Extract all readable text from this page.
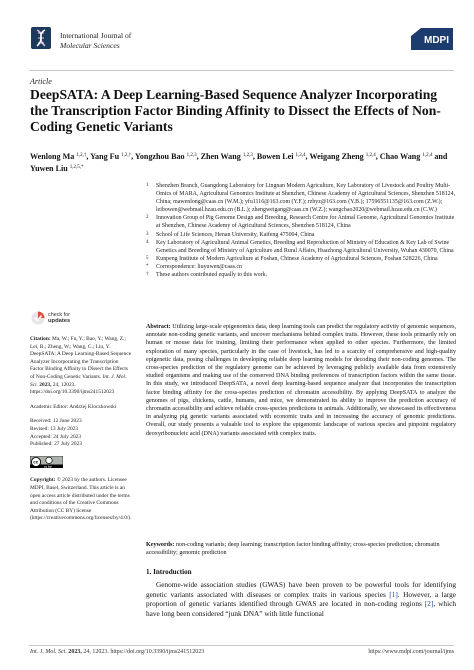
International Journal of
Molecular Sciences	MDPI
Article
DeepSATA: A Deep Learning-Based Sequence Analyzer Incorporating the Transcription Factor Binding Affinity to Dissect the Effects of Non-Coding Genetic Variants
Wenlong Ma $^{1,2,\dagger}$, Yang Fu $^{1,2,\dagger}$, Yongzhou Bao $^{1,2,3}$, Zhen Wang $^{1,2,3}$, Bowen Lei $^{1,2,4}$, Weigang Zheng $^{1,2,4}$, Chao Wang $^{1,2,4}$ and Yuwen Liu $^{1,2,5,*}$
1	Shenzhen Branch, Guangdong Laboratory for Lingnan Modern Agriculture, Key Laboratory of Livestock and Poultry Multi-Omics of MARA, Agricultural Genomics Institute at Shenzhen, Chinese Academy of Agricultural Sciences, Shenzhen 518124, China; mawenlong@caas.cn (W.M.); yfu1116@163.com (Y.F.); rzbyz@163.com (Y.B.); 17596551135@163.com (Z.W.); leibowen@webmail.hzau.edu.cn (B.L.); zhengweigang@caas.cn (W.Z.); wangchao2020@webmail.hzau.edu.cn (C.W.)
2	Innovation Group of Pig Genome Design and Breeding, Research Centre for Animal Genome, Agricultural Genomics Institute at Shenzhen, Chinese Academy of Agricultural Sciences, Shenzhen 518124, China
3	School of Life Sciences, Henan University, Kaifeng 475004, China
4	Key Laboratory of Agricultural Animal Genetics, Breeding and Reproduction of Ministry of Education & Key Lab of Swine Genetics and Breeding of Ministry of Agriculture and Rural Affairs, Huazhong Agricultural University, Wuhan 430070, China
5	Kunpeng Institute of Modern Agriculture at Foshan, Chinese Academy of Agricultural Sciences, Foshan 528226, China
*	Correspondence: liuyuwen@caas.cn
†	These authors contributed equally to this work.
Abstract: Utilizing large-scale epigenomics data, deep learning tools can predict the regulatory activity of genomic sequences, annotate non-coding genetic variants, and uncover mechanisms behind complex traits. However, these tools primarily rely on human or mouse data for training, limiting their performance when applied to other species. Furthermore, the limited exploration of many species, particularly in the case of livestock, has led to a scarcity of comprehensive and high-quality epigenetic data, posing challenges in developing reliable deep learning models for decoding their non-coding genomes. The cross-species prediction of the regulatory genome can be achieved by leveraging publicly available data from extensively studied organisms and making use of the conserved DNA binding preferences of transcription factors within the same tissue. In this study, we introduced DeepSATA, a novel deep learning-based sequence analyzer that incorporates the transcription factor binding affinity for the cross-species prediction of chromatin accessibility. By applying DeepSATA to analyze the genomes of pigs, chickens, cattle, humans, and mice, we demonstrated its ability to improve the prediction accuracy of chromatin accessibility and achieve reliable cross-species predictions in animals. Additionally, we showcased its effectiveness in analyzing pig genetic variants associated with economic traits and in increasing the accuracy of genomic predictions. Overall, our study presents a valuable tool to explore the epigenomic landscape of various species and pinpoint regulatory deoxyribonucleic acid (DNA) variants associated with complex traits.
Keywords: non-coding variants; deep learning; transcription factor binding affinity; cross-species prediction; chromatin accessibility; genomic prediction
1. Introduction
Genome-wide association studies (GWAS) have been proven to be powerful tools for identifying genetic variants associated with diseases or complex traits in various species [1]. However, a large proportion of genetic variants identified through GWAS are located in non-coding regions [2], which have long been considered “junk DNA” with little functional
check for
updates
Citation: Ma, W.; Fu, Y.; Bao, Y.; Wang, Z.; Lei, B.; Zheng, W.; Wang, C.; Liu, Y. DeepSATA: A Deep Learning-Based Sequence Analyzer Incorporating the Transcription Factor Binding Affinity to Dissect the Effects of Non-Coding Genetic Variants. Int. J. Mol. Sci. 2023, 24, 12023. https://doi.org/10.3390/ijms241512023
Academic Editor: Andrzej Kloczkowski
Received: 12 June 2023
Revised: 13 July 2023
Accepted: 24 July 2023
Published: 27 July 2023
cc
cc by
Copyright: © 2023 by the authors. Licensee MDPI, Basel, Switzerland. This article is an open access article distributed under the terms and conditions of the Creative Commons Attribution (CC BY) license (https://creativecommons.org/licenses/by/4.0/).
Int. J. Mol. Sci. 2023, 24, 12023. https://doi.org/10.3390/ijms241512023	https://www.mdpi.com/journal/ijms
